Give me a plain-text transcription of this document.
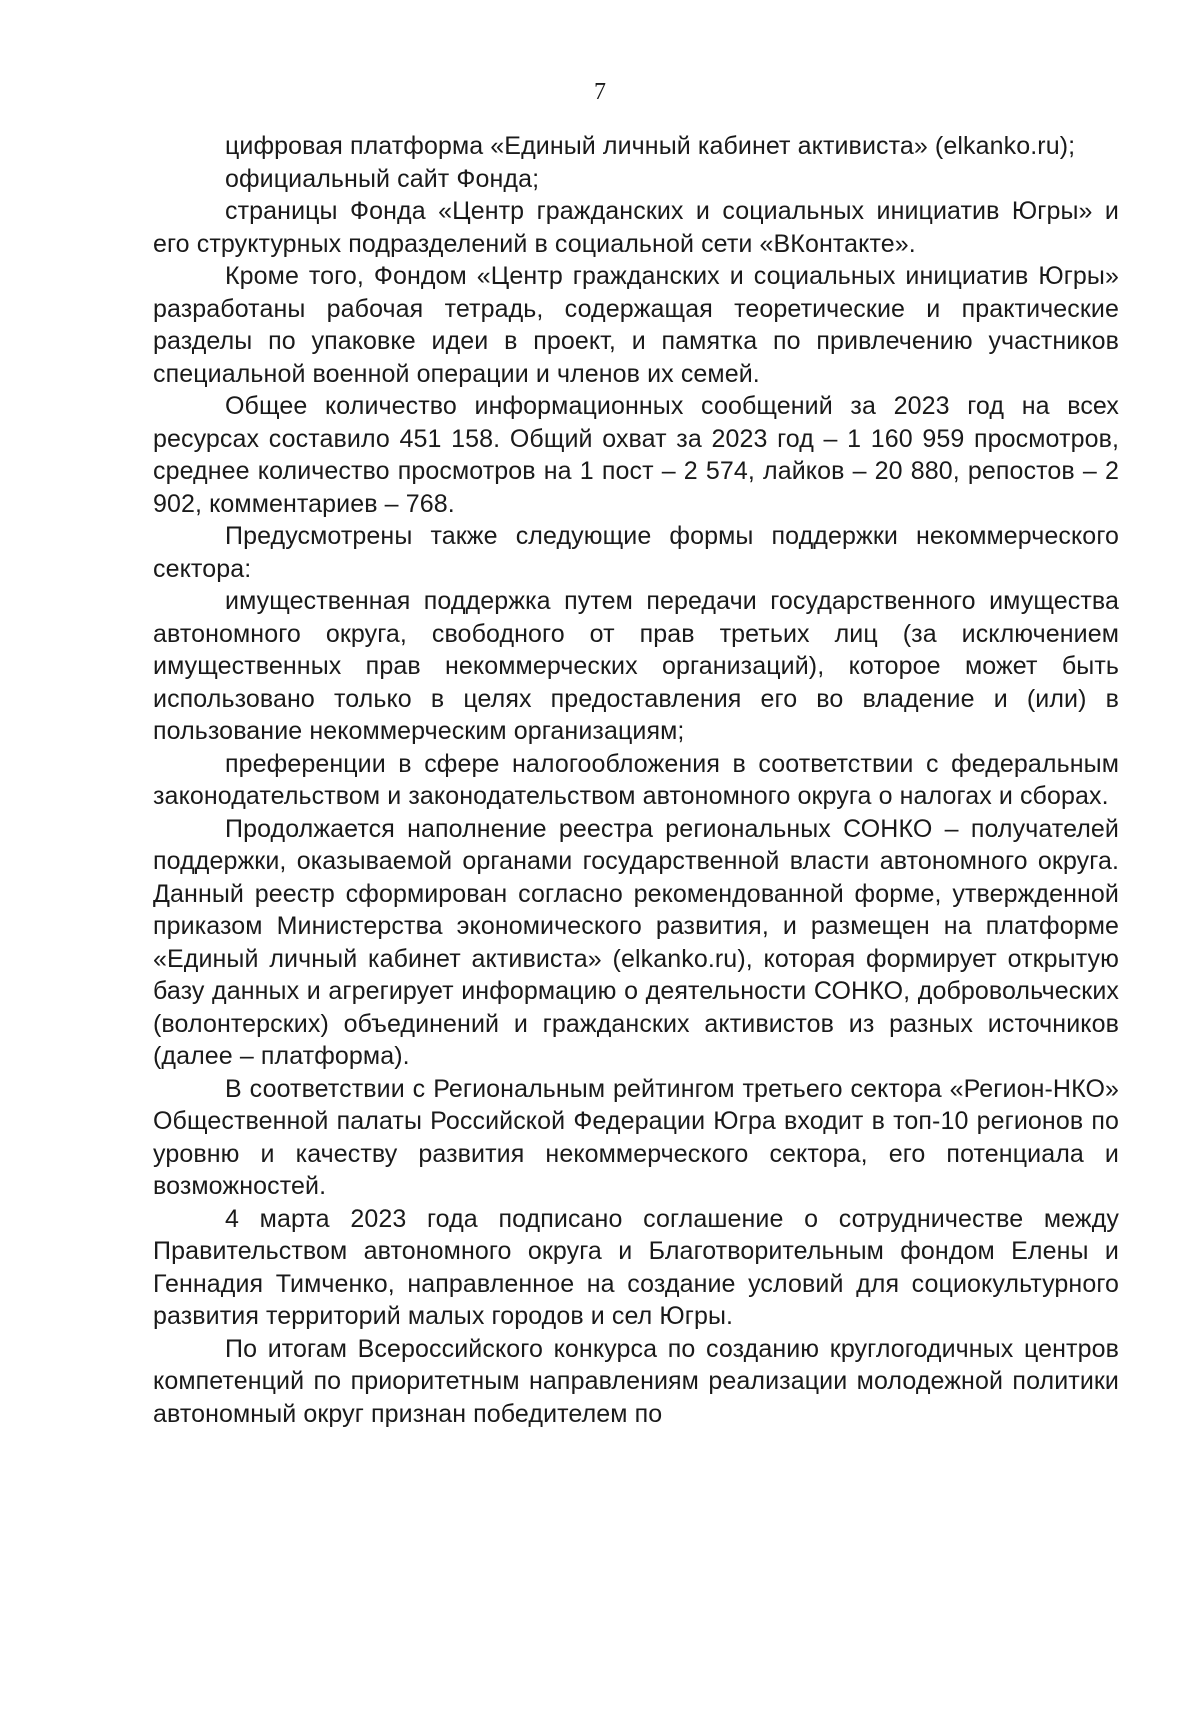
7

цифровая платформа «Единый личный кабинет активиста» (elkanko.ru);

официальный сайт Фонда;

страницы Фонда «Центр гражданских и социальных инициатив Югры» и его структурных подразделений в социальной сети «ВКонтакте».

Кроме того, Фондом «Центр гражданских и социальных инициатив Югры» разработаны рабочая тетрадь, содержащая теоретические и практические разделы по упаковке идеи в проект, и памятка по привлечению участников специальной военной операции и членов их семей.

Общее количество информационных сообщений за 2023 год на всех ресурсах составило 451 158. Общий охват за 2023 год – 1 160 959 просмотров, среднее количество просмотров на 1 пост – 2 574, лайков – 20 880, репостов – 2 902, комментариев – 768.

Предусмотрены также следующие формы поддержки некоммерческого сектора:

имущественная поддержка путем передачи государственного имущества автономного округа, свободного от прав третьих лиц (за исключением имущественных прав некоммерческих организаций), которое может быть использовано только в целях предоставления его во владение и (или) в пользование некоммерческим организациям;

преференции в сфере налогообложения в соответствии с федеральным законодательством и законодательством автономного округа о налогах и сборах.

Продолжается наполнение реестра региональных СОНКО – получателей поддержки, оказываемой органами государственной власти автономного округа. Данный реестр сформирован согласно рекомендованной форме, утвержденной приказом Министерства экономического развития, и размещен на платформе «Единый личный кабинет активиста» (elkanko.ru), которая формирует открытую базу данных и агрегирует информацию о деятельности СОНКО, добровольческих (волонтерских) объединений и гражданских активистов из разных источников (далее – платформа).

В соответствии с Региональным рейтингом третьего сектора «Регион-НКО» Общественной палаты Российской Федерации Югра входит в топ-10 регионов по уровню и качеству развития некоммерческого сектора, его потенциала и возможностей.

4 марта 2023 года подписано соглашение о сотрудничестве между Правительством автономного округа и Благотворительным фондом Елены и Геннадия Тимченко, направленное на создание условий для социокультурного развития территорий малых городов и сел Югры.

По итогам Всероссийского конкурса по созданию круглогодичных центров компетенций по приоритетным направлениям реализации молодежной политики автономный округ признан победителем по
